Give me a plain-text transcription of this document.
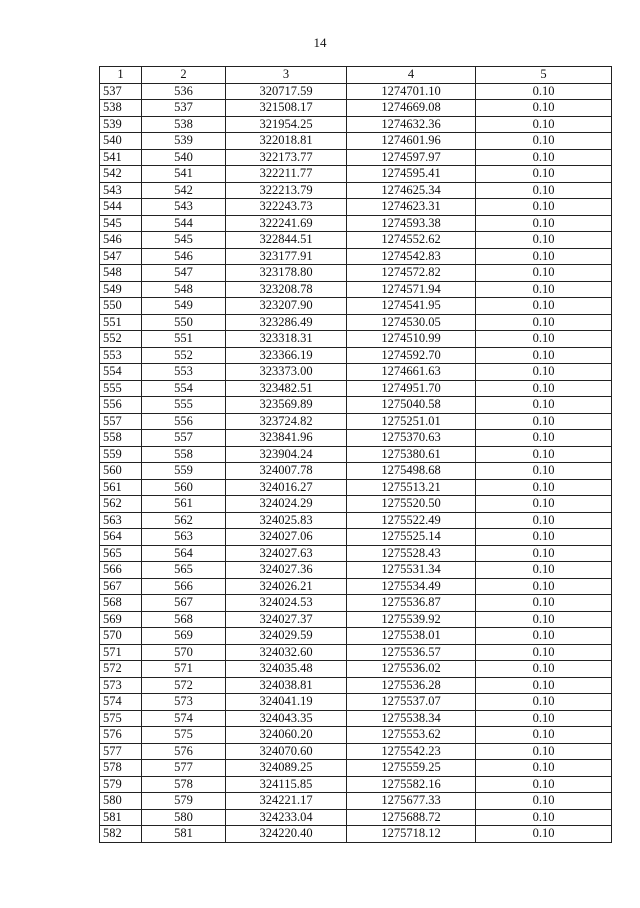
14
1	2	3	4	5
537	536	320717.59	1274701.10	0.10
538	537	321508.17	1274669.08	0.10
539	538	321954.25	1274632.36	0.10
540	539	322018.81	1274601.96	0.10
541	540	322173.77	1274597.97	0.10
542	541	322211.77	1274595.41	0.10
543	542	322213.79	1274625.34	0.10
544	543	322243.73	1274623.31	0.10
545	544	322241.69	1274593.38	0.10
546	545	322844.51	1274552.62	0.10
547	546	323177.91	1274542.83	0.10
548	547	323178.80	1274572.82	0.10
549	548	323208.78	1274571.94	0.10
550	549	323207.90	1274541.95	0.10
551	550	323286.49	1274530.05	0.10
552	551	323318.31	1274510.99	0.10
553	552	323366.19	1274592.70	0.10
554	553	323373.00	1274661.63	0.10
555	554	323482.51	1274951.70	0.10
556	555	323569.89	1275040.58	0.10
557	556	323724.82	1275251.01	0.10
558	557	323841.96	1275370.63	0.10
559	558	323904.24	1275380.61	0.10
560	559	324007.78	1275498.68	0.10
561	560	324016.27	1275513.21	0.10
562	561	324024.29	1275520.50	0.10
563	562	324025.83	1275522.49	0.10
564	563	324027.06	1275525.14	0.10
565	564	324027.63	1275528.43	0.10
566	565	324027.36	1275531.34	0.10
567	566	324026.21	1275534.49	0.10
568	567	324024.53	1275536.87	0.10
569	568	324027.37	1275539.92	0.10
570	569	324029.59	1275538.01	0.10
571	570	324032.60	1275536.57	0.10
572	571	324035.48	1275536.02	0.10
573	572	324038.81	1275536.28	0.10
574	573	324041.19	1275537.07	0.10
575	574	324043.35	1275538.34	0.10
576	575	324060.20	1275553.62	0.10
577	576	324070.60	1275542.23	0.10
578	577	324089.25	1275559.25	0.10
579	578	324115.85	1275582.16	0.10
580	579	324221.17	1275677.33	0.10
581	580	324233.04	1275688.72	0.10
582	581	324220.40	1275718.12	0.10
